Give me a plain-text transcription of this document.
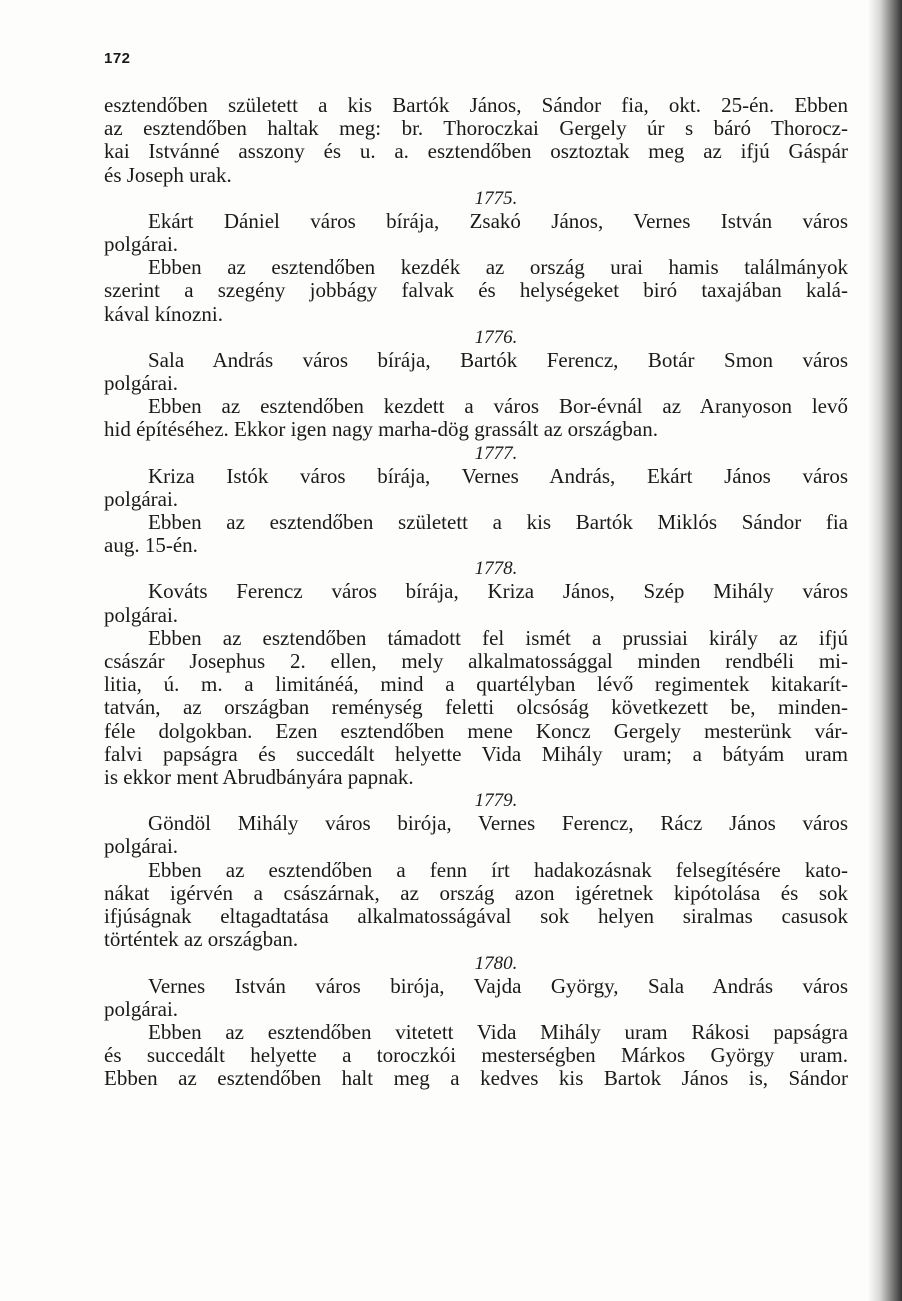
172
esztendőben született a kis Bartók János, Sándor fia, okt. 25-én. Ebben
az esztendőben haltak meg: br. Thoroczkai Gergely úr s báró Thorocz-
kai Istvánné asszony és u. a. esztendőben osztoztak meg az ifjú Gáspár
és Joseph urak.
1775.
Ekárt Dániel város bírája, Zsakó János, Vernes István város
polgárai.
Ebben az esztendőben kezdék az ország urai hamis találmányok
szerint a szegény jobbágy falvak és helységeket biró taxajában kalá-
kával kínozni.
1776.
Sala András város bírája, Bartók Ferencz, Botár Smon város
polgárai.
Ebben az esztendőben kezdett a város Bor-évnál az Aranyoson levő
hid építéséhez. Ekkor igen nagy marha-dög grassált az országban.
1777.
Kriza Istók város bírája, Vernes András, Ekárt János város
polgárai.
Ebben az esztendőben született a kis Bartók Miklós Sándor fia
aug. 15-én.
1778.
Kováts Ferencz város bírája, Kriza János, Szép Mihály város
polgárai.
Ebben az esztendőben támadott fel ismét a prussiai király az ifjú
császár Josephus 2. ellen, mely alkalmatossággal minden rendbéli mi-
litia, ú. m. a limitánéá, mind a quartélyban lévő regimentek kitakarít-
tatván, az országban reménység feletti olcsóság következett be, minden-
féle dolgokban. Ezen esztendőben mene Koncz Gergely mesterünk vár-
falvi papságra és succedált helyette Vida Mihály uram; a bátyám uram
is ekkor ment Abrudbányára papnak.
1779.
Göndöl Mihály város birója, Vernes Ferencz, Rácz János város
polgárai.
Ebben az esztendőben a fenn írt hadakozásnak felsegítésére kato-
nákat igérvén a császárnak, az ország azon igéretnek kipótolása és sok
ifjúságnak eltagadtatása alkalmatosságával sok helyen siralmas casusok
történtek az országban.
1780.
Vernes István város birója, Vajda György, Sala András város
polgárai.
Ebben az esztendőben vitetett Vida Mihály uram Rákosi papságra
és succedált helyette a toroczkói mesterségben Márkos György uram.
Ebben az esztendőben halt meg a kedves kis Bartok János is, Sándor
